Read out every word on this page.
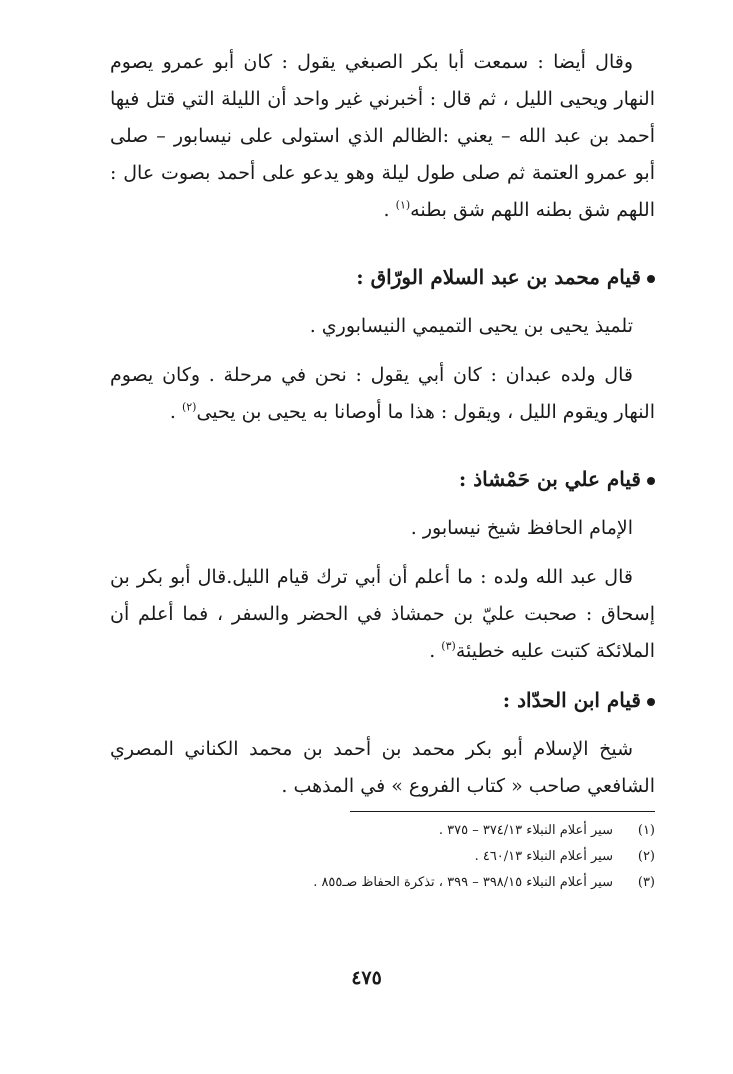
وقال أيضا : سمعت أبا بكر الصبغي يقول : كان أبو عمرو يصوم النهار ويحيى الليل ، ثم قال : أخبرني غير واحد أن الليلة التي قتل فيها أحمد بن عبد الله – يعني :الظالم الذي استولى على نيسابور – صلى أبو عمرو العتمة ثم صلى طول ليلة وهو يدعو على أحمد بصوت عال : اللهم شق بطنه اللهم شق بطنه$^{(١)}$ .

قيام محمد بن عبد السلام الورّاق :

تلميذ يحيى بن يحيى التميمي النيسابوري .

قال ولده عبدان : كان أبي يقول : نحن في مرحلة . وكان يصوم النهار ويقوم الليل ، ويقول : هذا ما أوصانا به يحيى بن يحيى$^{(٢)}$ .

قيام علي بن حَمْشاذ :

الإمام الحافظ شيخ نيسابور .

قال عبد الله ولده : ما أعلم أن أبي ترك قيام الليل.قال أبو بكر بن إسحاق : صحبت عليّ بن حمشاذ في الحضر والسفر ، فما أعلم أن الملائكة كتبت عليه خطيئة$^{(٣)}$ .

قيام ابن الحدّاد :

شيخ الإسلام أبو بكر محمد بن أحمد بن محمد الكناني المصري الشافعي صاحب « كتاب الفروع » في المذهب .

(١)
سير أعلام النبلاء ٣٧٤/١٣ – ٣٧٥ .
(٢)
سير أعلام النبلاء ٤٦٠/١٣ .
(٣)
سير أعلام النبلاء ٣٩٨/١٥ – ٣٩٩ ، تذكرة الحفاظ صـ٨٥٥ .
٤٧٥
